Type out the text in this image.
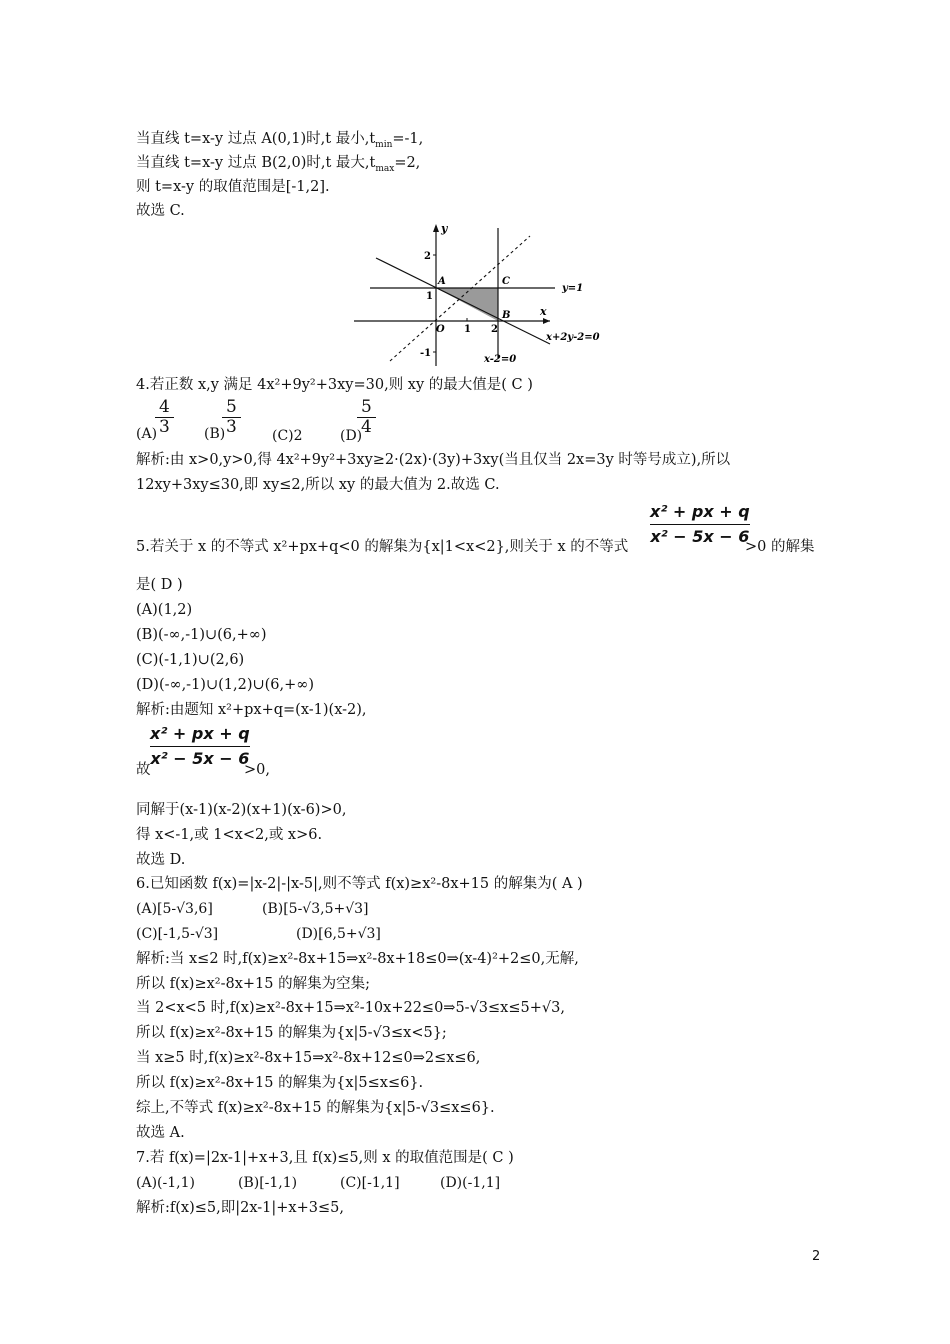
当直线 t=x-y 过点 A(0,1)时,t 最小$,t_{min}=-1$,
当直线 t=x-y 过点 B(2,0)时,t 最大$,t_{max}=2$,
则 t=x-y 的取值范围是[-1,2].
故选 C.
y
x
2
1
-1
O 1 2
A
B
C
y=1
x+2y-2=0
x-2=0
4.若正数 x,y 满足 4x²+9y²+3xy=30,则 xy 的最大值是( C )
(A)
4
3 (B)
5
3	(C)2	(D)
5
4
解析:由 x>0,y>0,得 4x²+9y²+3xy≥2·(2x)·(3y)+3xy(当且仅当 2x=3y 时等号成立),所以
12xy+3xy≤30,即 xy≤2,所以 xy 的最大值为 2.故选 C.
x² + px + q
x² − 5x − 6
5.若关于 x 的不等式 x²+px+q<0 的解集为{x|1<x<2},则关于 x 的不等式	>0 的解集
是( D )
(A)(1,2)
(B)(-∞,-1)∪(6,+∞)
(C)(-1,1)∪(2,6)
(D)(-∞,-1)∪(1,2)∪(6,+∞)
解析:由题知 x²+px+q=(x-1)(x-2),
x² + px + q
x² − 5x − 6
故	>0,
同解于(x-1)(x-2)(x+1)(x-6)>0,
得 x<-1,或 1<x<2,或 x>6.
故选 D.
6.已知函数 f(x)=|x-2|-|x-5|,则不等式 f(x)≥x²-8x+15 的解集为( A )
(A)[5-√3,6]	(B)[5-√3,5+√3]
(C)[-1,5-√3]	(D)[6,5+√3]
解析:当 x≤2 时,f(x)≥x²-8x+15⇒x²-8x+18≤0⇒(x-4)²+2≤0,无解,
所以 f(x)≥x²-8x+15 的解集为空集;
当 2<x<5 时,f(x)≥x²-8x+15⇒x²-10x+22≤0⇒5-√3≤x≤5+√3,
所以 f(x)≥x²-8x+15 的解集为{x|5-√3≤x<5};
当 x≥5 时,f(x)≥x²-8x+15⇒x²-8x+12≤0⇒2≤x≤6,
所以 f(x)≥x²-8x+15 的解集为{x|5≤x≤6}.
综上,不等式 f(x)≥x²-8x+15 的解集为{x|5-√3≤x≤6}.
故选 A.
7.若 f(x)=|2x-1|+x+3,且 f(x)≤5,则 x 的取值范围是( C )
(A)(-1,1)	(B)[-1,1)	(C)[-1,1]	(D)(-1,1]
解析:f(x)≤5,即|2x-1|+x+3≤5,
2
